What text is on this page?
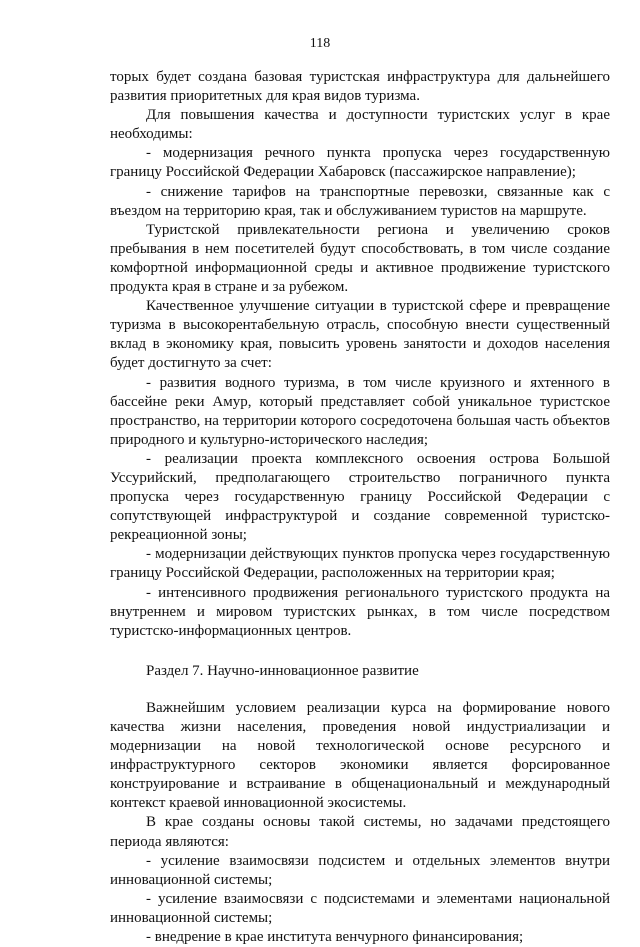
118

торых будет создана базовая туристская инфраструктура для дальнейшего развития приоритетных для края видов туризма.

Для повышения качества и доступности туристских услуг в крае необходимы:

- модернизация речного пункта пропуска через государственную границу Российской Федерации Хабаровск (пассажирское направление);

- снижение тарифов на транспортные перевозки, связанные как с въездом на территорию края, так и обслуживанием туристов на маршруте.

Туристской привлекательности региона и увеличению сроков пребывания в нем посетителей будут способствовать, в том числе создание комфортной информационной среды и активное продвижение туристского продукта края в стране и за рубежом.

Качественное улучшение ситуации в туристской сфере и превращение туризма в высокорентабельную отрасль, способную внести существенный вклад в экономику края, повысить уровень занятости и доходов населения будет достигнуто за счет:

- развития водного туризма, в том числе круизного и яхтенного в бассейне реки Амур, который представляет собой уникальное туристское пространство, на территории которого сосредоточена большая часть объектов природного и культурно-исторического наследия;

- реализации проекта комплексного освоения острова Большой Уссурийский, предполагающего строительство пограничного пункта пропуска через государственную границу Российской Федерации с сопутствующей инфраструктурой и создание современной туристско-рекреационной зоны;

- модернизации действующих пунктов пропуска через государственную границу Российской Федерации, расположенных на территории края;

- интенсивного продвижения регионального туристского продукта на внутреннем и мировом туристских рынках, в том числе посредством туристско-информационных центров.

Раздел 7. Научно-инновационное развитие

Важнейшим условием реализации курса на формирование нового качества жизни населения, проведения новой индустриализации и модернизации на новой технологической основе ресурсного и инфраструктурного секторов экономики является форсированное конструирование и встраивание в общенациональный и международный контекст краевой инновационной экосистемы.

В крае созданы основы такой системы, но задачами предстоящего периода являются:

- усиление взаимосвязи подсистем и отдельных элементов внутри инновационной системы;

- усиление взаимосвязи с подсистемами и элементами национальной инновационной системы;

- внедрение в крае института венчурного финансирования;
